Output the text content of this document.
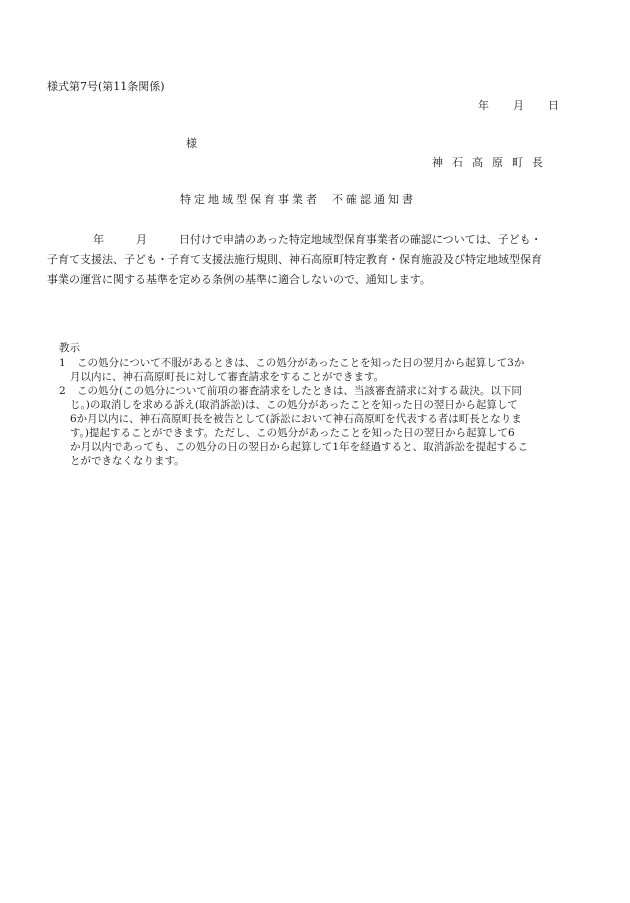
様式第7号(第11条関係)
年 月 日
様
神石高原町長
特定地域型保育事業者 不確認通知書
年	月	日付けで申請のあった特定地域型保育事業者の確認については、子ども・
子育て支援法、子ども・子育て支援法施行規則、神石高原町特定教育・保育施設及び特定地域型保育
事業の運営に関する基準を定める条例の基準に適合しないので、通知します。
教示
1 この処分について不服があるときは、この処分があったことを知った日の翌月から起算して3か
月以内に、神石高原町長に対して審査請求をすることができます。
2 この処分(この処分について前項の審査請求をしたときは、当該審査請求に対する裁決。以下同
じ。)の取消しを求める訴え(取消訴訟)は、この処分があったことを知った日の翌日から起算して
6か月以内に、神石高原町長を被告として(訴訟において神石高原町を代表する者は町長となりま
す。)提起することができます。ただし、この処分があったことを知った日の翌日から起算して6
か月以内であっても、この処分の日の翌日から起算して1年を経過すると、取消訴訟を提起するこ
とができなくなります。
